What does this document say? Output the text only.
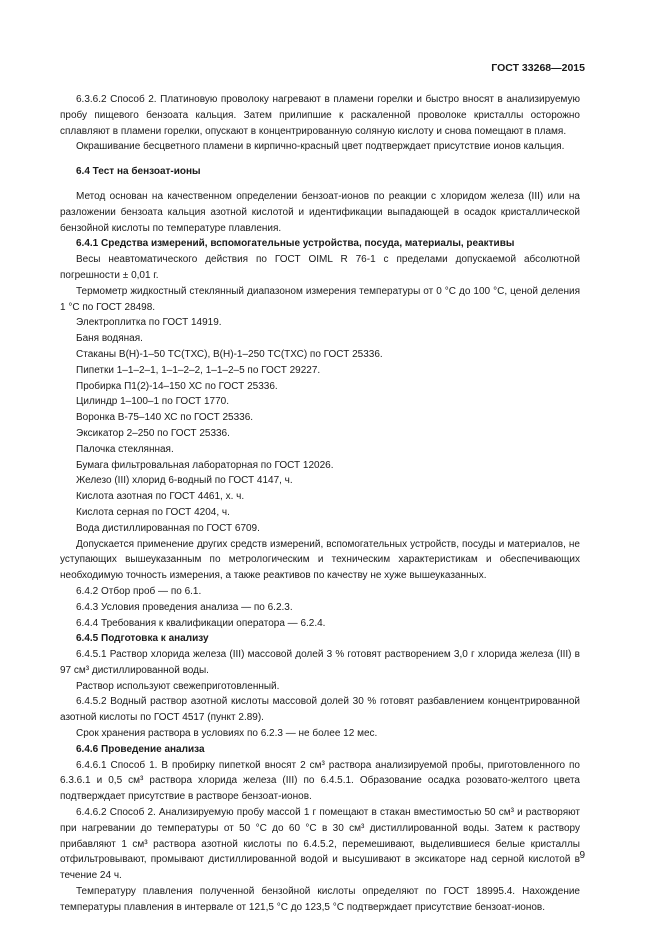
ГОСТ 33268—2015

6.3.6.2 Способ 2. Платиновую проволоку нагревают в пламени горелки и быстро вносят в анализируемую пробу пищевого бензоата кальция. Затем прилипшие к раскаленной проволоке кристаллы осторожно сплавляют в пламени горелки, опускают в концентрированную соляную кислоту и снова помещают в пламя.

Окрашивание бесцветного пламени в кирпично-красный цвет подтверждает присутствие ионов кальция.

6.4 Тест на бензоат-ионы

Метод основан на качественном определении бензоат-ионов по реакции с хлоридом железа (III) или на разложении бензоата кальция азотной кислотой и идентификации выпадающей в осадок кристаллической бензойной кислоты по температуре плавления.

6.4.1 Средства измерений, вспомогательные устройства, посуда, материалы, реактивы

Весы неавтоматического действия по ГОСТ OIML R 76-1 с пределами допускаемой абсолютной погрешности ± 0,01 г.

Термометр жидкостный стеклянный диапазоном измерения температуры от 0 °С до 100 °С, ценой деления 1 °С по ГОСТ 28498.

Электроплитка по ГОСТ 14919.

Баня водяная.

Стаканы В(Н)-1–50 ТС(ТХС), В(Н)-1–250 ТС(ТХС) по ГОСТ 25336.

Пипетки 1–1–2–1, 1–1–2–2, 1–1–2–5 по ГОСТ 29227.

Пробирка П1(2)-14–150 ХС по ГОСТ 25336.

Цилиндр 1–100–1 по ГОСТ 1770.

Воронка В-75–140 ХС по ГОСТ 25336.

Эксикатор 2–250 по ГОСТ 25336.

Палочка стеклянная.

Бумага фильтровальная лабораторная по ГОСТ 12026.

Железо (III) хлорид 6-водный по ГОСТ 4147, ч.

Кислота азотная по ГОСТ 4461, х. ч.

Кислота серная по ГОСТ 4204, ч.

Вода дистиллированная по ГОСТ 6709.

Допускается применение других средств измерений, вспомогательных устройств, посуды и материалов, не уступающих вышеуказанным по метрологическим и техническим характеристикам и обеспечивающих необходимую точность измерения, а также реактивов по качеству не хуже вышеуказанных.

6.4.2 Отбор проб — по 6.1.

6.4.3 Условия проведения анализа — по 6.2.3.

6.4.4 Требования к квалификации оператора — 6.2.4.

6.4.5 Подготовка к анализу

6.4.5.1 Раствор хлорида железа (III) массовой долей 3 % готовят растворением 3,0 г хлорида железа (III) в 97 см³ дистиллированной воды.

Раствор используют свежеприготовленный.

6.4.5.2 Водный раствор азотной кислоты массовой долей 30 % готовят разбавлением концентрированной азотной кислоты по ГОСТ 4517 (пункт 2.89).

Срок хранения раствора в условиях по 6.2.3 — не более 12 мес.

6.4.6 Проведение анализа

6.4.6.1 Способ 1. В пробирку пипеткой вносят 2 см³ раствора анализируемой пробы, приготовленного по 6.3.6.1 и 0,5 см³ раствора хлорида железа (III) по 6.4.5.1. Образование осадка розовато-желтого цвета подтверждает присутствие в растворе бензоат-ионов.

6.4.6.2 Способ 2. Анализируемую пробу массой 1 г помещают в стакан вместимостью 50 см³ и растворяют при нагревании до температуры от 50 °С до 60 °С в 30 см³ дистиллированной воды. Затем к раствору прибавляют 1 см³ раствора азотной кислоты по 6.4.5.2, перемешивают, выделившиеся белые кристаллы отфильтровывают, промывают дистиллированной водой и высушивают в эксикаторе над серной кислотой в течение 24 ч.

Температуру плавления полученной бензойной кислоты определяют по ГОСТ 18995.4. Нахождение температуры плавления в интервале от 121,5 °С до 123,5 °С подтверждает присутствие бензоат-ионов.

9
